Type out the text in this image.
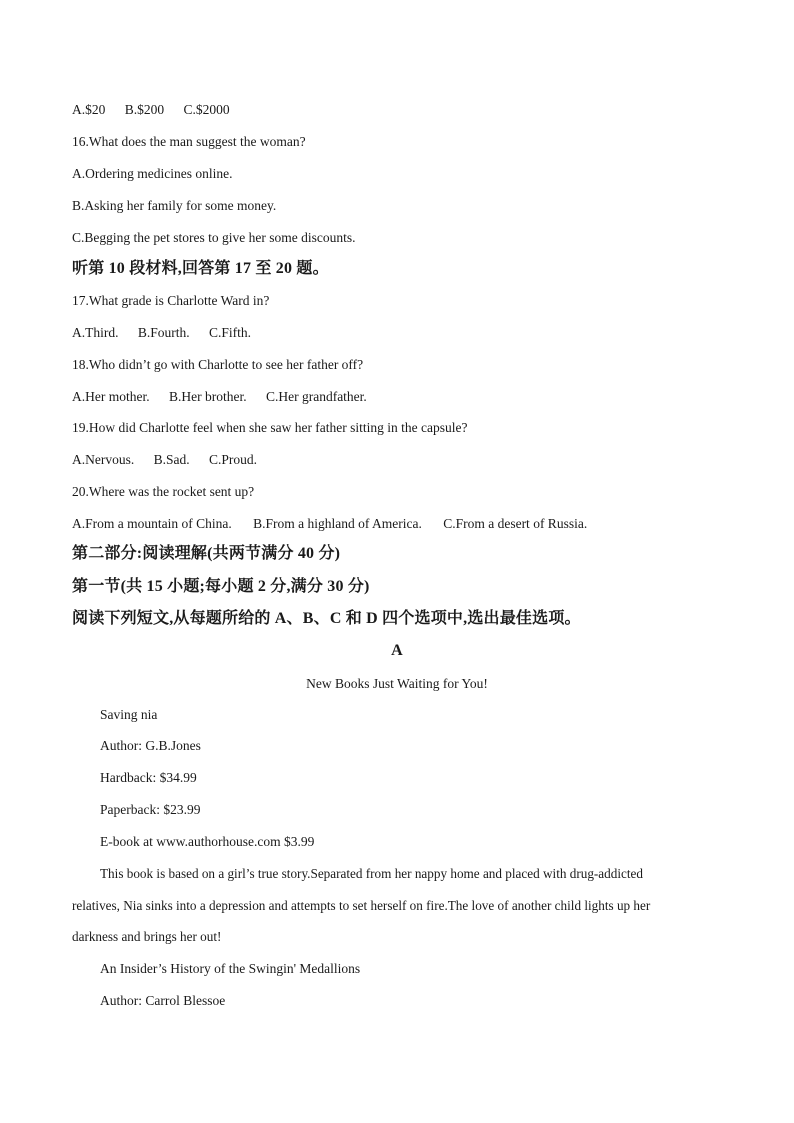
A.$20 B.$200 C.$2000
16.What does the man suggest the woman?
A.Ordering medicines online.
B.Asking her family for some money.
C.Begging the pet stores to give her some discounts.
听第 10 段材料,回答第 17 至 20 题。
17.What grade is Charlotte Ward in?
A.Third. B.Fourth. C.Fifth.
18.Who didn’t go with Charlotte to see her father off?
A.Her mother. B.Her brother. C.Her grandfather.
19.How did Charlotte feel when she saw her father sitting in the capsule?
A.Nervous. B.Sad. C.Proud.
20.Where was the rocket sent up?
A.From a mountain of China. B.From a highland of America. C.From a desert of Russia.
第二部分:阅读理解(共两节满分 40 分)
第一节(共 15 小题;每小题 2 分,满分 30 分)
阅读下列短文,从每题所给的 A、B、C 和 D 四个选项中,选出最佳选项。
A
New Books Just Waiting for You!
Saving nia
Author: G.B.Jones
Hardback: $34.99
Paperback: $23.99
E-book at www.authorhouse.com $3.99
This book is based on a girl’s true story.Separated from her nappy home and placed with drug-addicted
relatives, Nia sinks into a depression and attempts to set herself on fire.The love of another child lights up her
darkness and brings her out!
An Insider’s History of the Swingin' Medallions
Author: Carrol Blessoe
